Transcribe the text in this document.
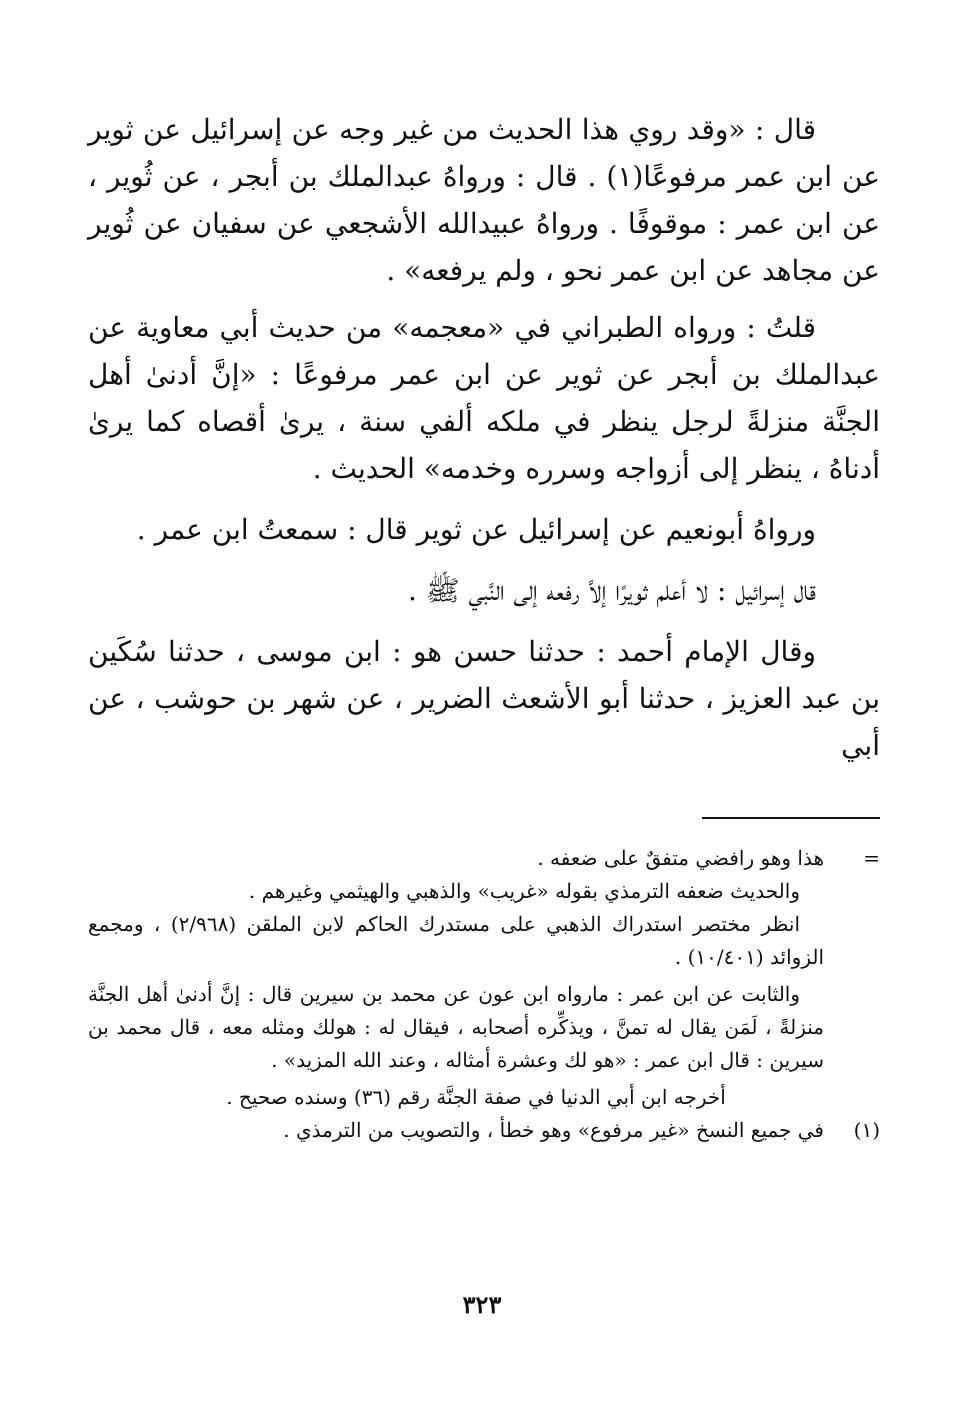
قال : «وقد روي هذا الحديث من غير وجه عن إسرائيل عن ثوير عن ابن عمر مرفوعًا(١) . قال : ورواهُ عبدالملك بن أبجر ، عن ثُوير ، عن ابن عمر : موقوفًا . ورواهُ عبيدالله الأشجعي عن سفيان عن ثُوير عن مجاهد عن ابن عمر نحو ، ولم يرفعه» .

قلتُ : ورواه الطبراني في «معجمه» من حديث أبي معاوية عن عبدالملك بن أبجر عن ثوير عن ابن عمر مرفوعًا : «إنَّ أدنىٰ أهل الجنَّة منزلةً لرجل ينظر في ملكه ألفي سنة ، يرىٰ أقصاه كما يرىٰ أدناهُ ، ينظر إلى أزواجه وسرره وخدمه» الحديث .

ورواهُ أبونعيم عن إسرائيل عن ثوير قال : سمعتُ ابن عمر .

قال إسرائيل : لا أعلم ثويرًا إلاَّ رفعه إلى النَّبي ﷺ .

وقال الإمام أحمد : حدثنا حسن هو : ابن موسى ، حدثنا سُكَين بن عبد العزيز ، حدثنا أبو الأشعث الضرير ، عن شهر بن حوشب ، عن أبي

=

هذا وهو رافضي متفقٌ على ضعفه .

والحديث ضعفه الترمذي بقوله «غريب» والذهبي والهيثمي وغيرهم .

انظر مختصر استدراك الذهبي على مستدرك الحاكم لابن الملقن (٢/٩٦٨) ، ومجمع الزوائد (١٠/٤٠١) .

والثابت عن ابن عمر : مارواه ابن عون عن محمد بن سيرين قال : إنَّ أدنىٰ أهل الجنَّة منزلةً ، لَمَن يقال له تمنَّ ، ويذكِّره أصحابه ، فيقال له : هولك ومثله معه ، قال محمد بن سيرين : قال ابن عمر : «هو لك وعشرة أمثاله ، وعند الله المزيد» .

أخرجه ابن أبي الدنيا في صفة الجنَّة رقم (٣٦) وسنده صحيح .

(١)

في جميع النسخ «غير مرفوع» وهو خطأ ، والتصويب من الترمذي .

٣٢٣
